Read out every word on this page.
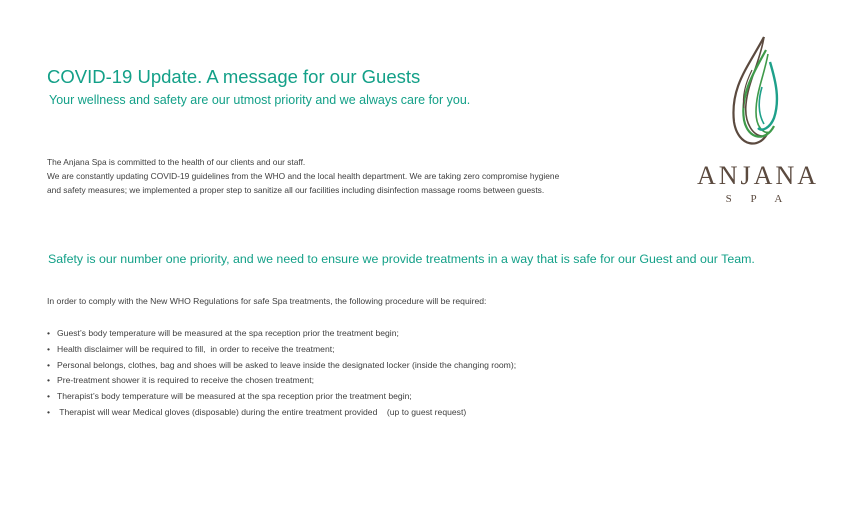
COVID-19 Update. A message for our Guests
Your wellness and safety are our utmost priority and we always care for you.
The Anjana Spa is committed to the health of our clients and our staff.
We are constantly updating COVID-19 guidelines from the WHO and the local health department. We are taking zero compromise hygiene
and safety measures; we implemented a proper step to sanitize all our facilities including disinfection massage rooms between guests.
Safety is our number one priority, and we need to ensure we provide treatments in a way that is safe for our Guest and our Team.
In order to comply with the New WHO Regulations for safe Spa treatments, the following procedure will be required:
• Guest’s body temperature will be measured at the spa reception prior the treatment begin;
• Health disclaimer will be required to fill,  in order to receive the treatment;
• Personal belongs, clothes, bag and shoes will be asked to leave inside the designated locker (inside the changing room);
• Pre-treatment shower it is required to receive the chosen treatment;
• Therapist’s body temperature will be measured at the spa reception prior the treatment begin;
• Therapist will wear Medical gloves (disposable) during the entire treatment provided    (up to guest request)
ANJANA
S P A
